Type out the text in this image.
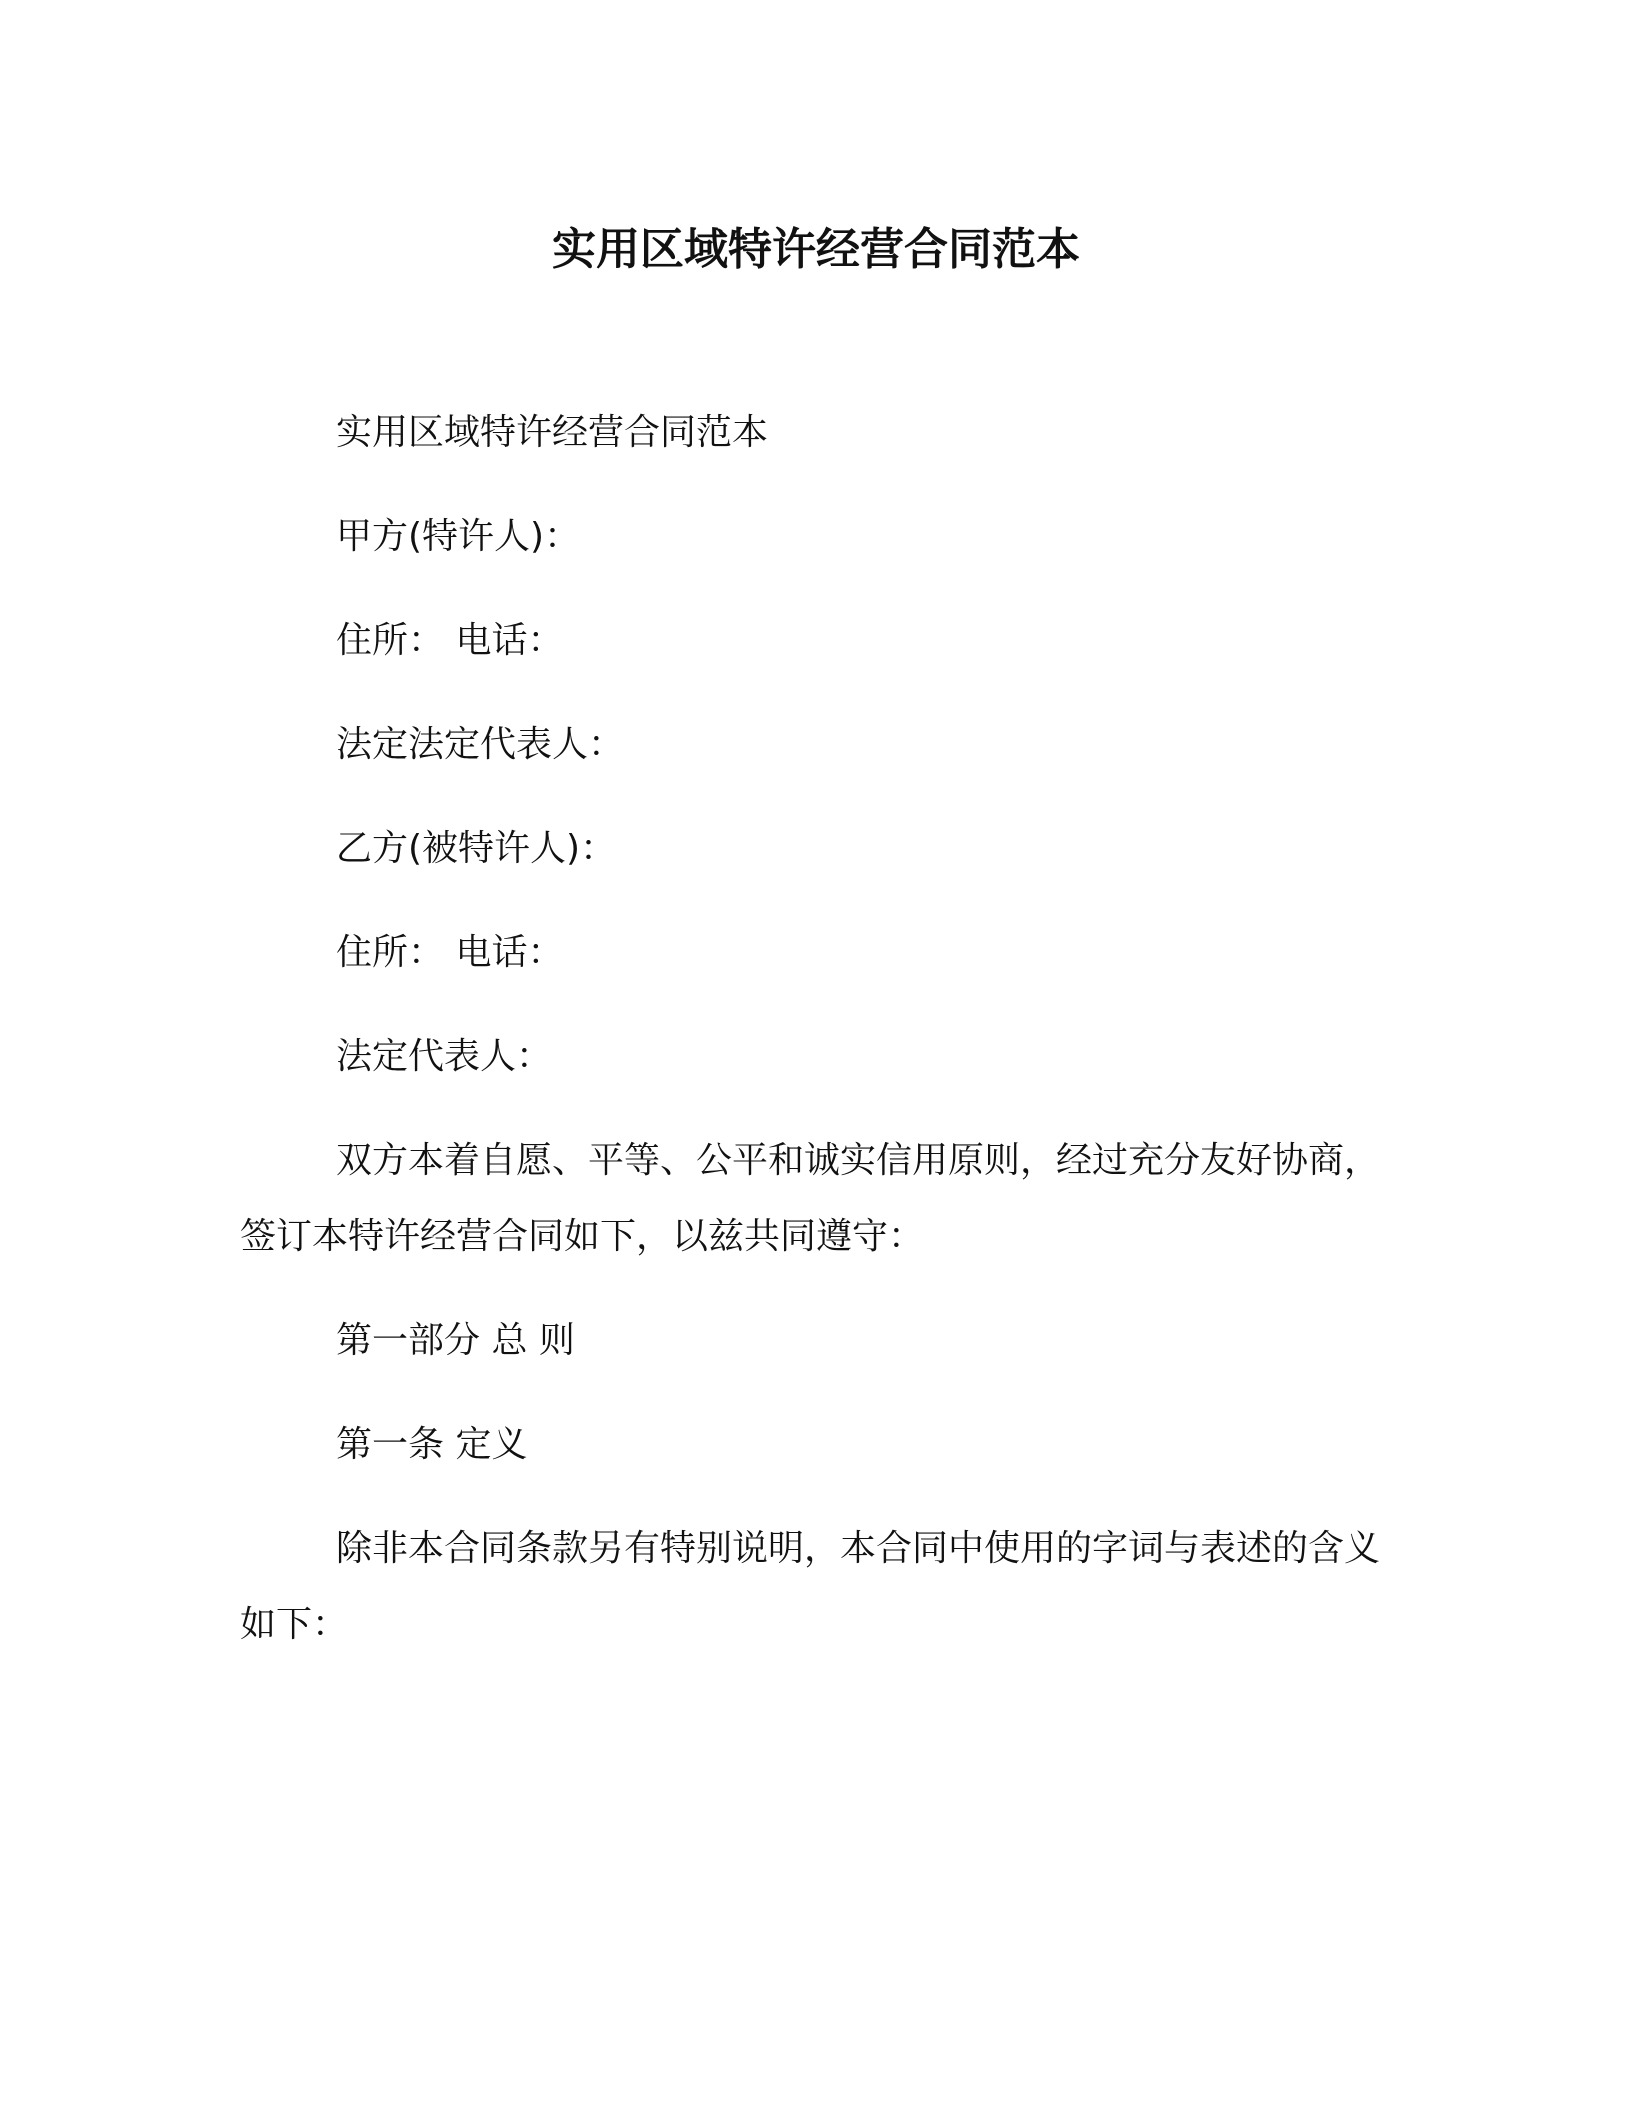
实用区域特许经营合同范本

实用区域特许经营合同范本

甲方(特许人)：

住所： 电话：

法定法定代表人：

乙方(被特许人)：

住所： 电话：

法定代表人：

双方本着自愿、平等、公平和诚实信用原则，经过充分友好协商，签订本特许经营合同如下，以兹共同遵守：

第一部分 总 则

第一条 定义

除非本合同条款另有特别说明，本合同中使用的字词与表述的含义如下：
